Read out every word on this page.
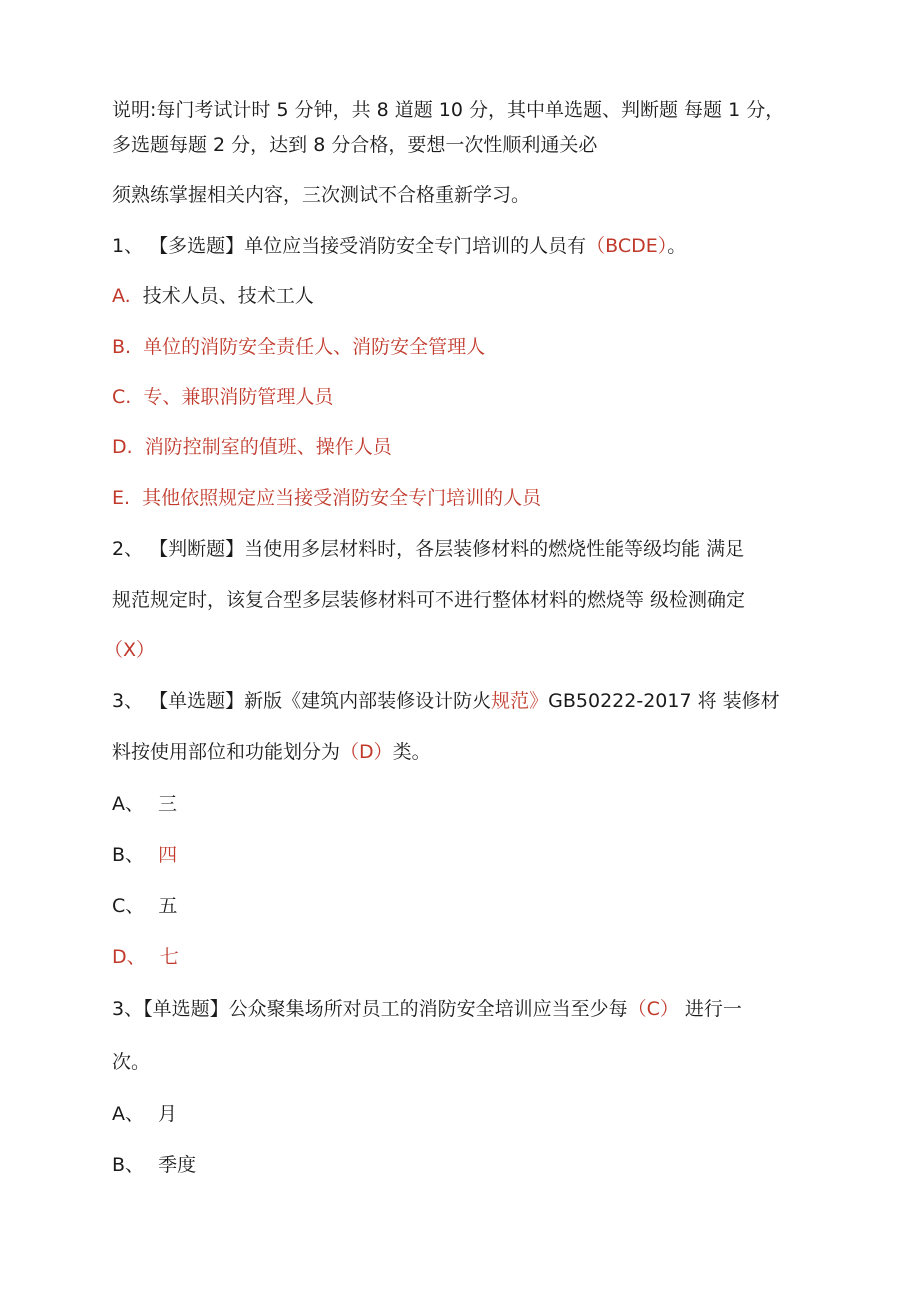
说明:每门考试计时 5 分钟，共 8 道题 10 分，其中单选题、判断题 每题 1 分，
多选题每题 2 分，达到 8 分合格，要想一次性顺利通关必
须熟练掌握相关内容，三次测试不合格重新学习。
1、 【多选题】单位应当接受消防安全专门培训的人员有（BCDE）。
A. 技术人员、技术工人
B. 单位的消防安全责任人、消防安全管理人
C. 专、兼职消防管理人员
D. 消防控制室的值班、操作人员
E. 其他依照规定应当接受消防安全专门培训的人员
2、 【判断题】当使用多层材料时，各层装修材料的燃烧性能等级均能 满足
规范规定时，该复合型多层装修材料可不进行整体材料的燃烧等 级检测确定
（X）
3、 【单选题】新版《建筑内部装修设计防火规范》GB50222-2017 将 装修材
料按使用部位和功能划分为（D）类。
A、 三
B、 四
C、 五
D、 七
3、【单选题】公众聚集场所对员工的消防安全培训应当至少每（C） 进行一
次。
A、 月
B、 季度
